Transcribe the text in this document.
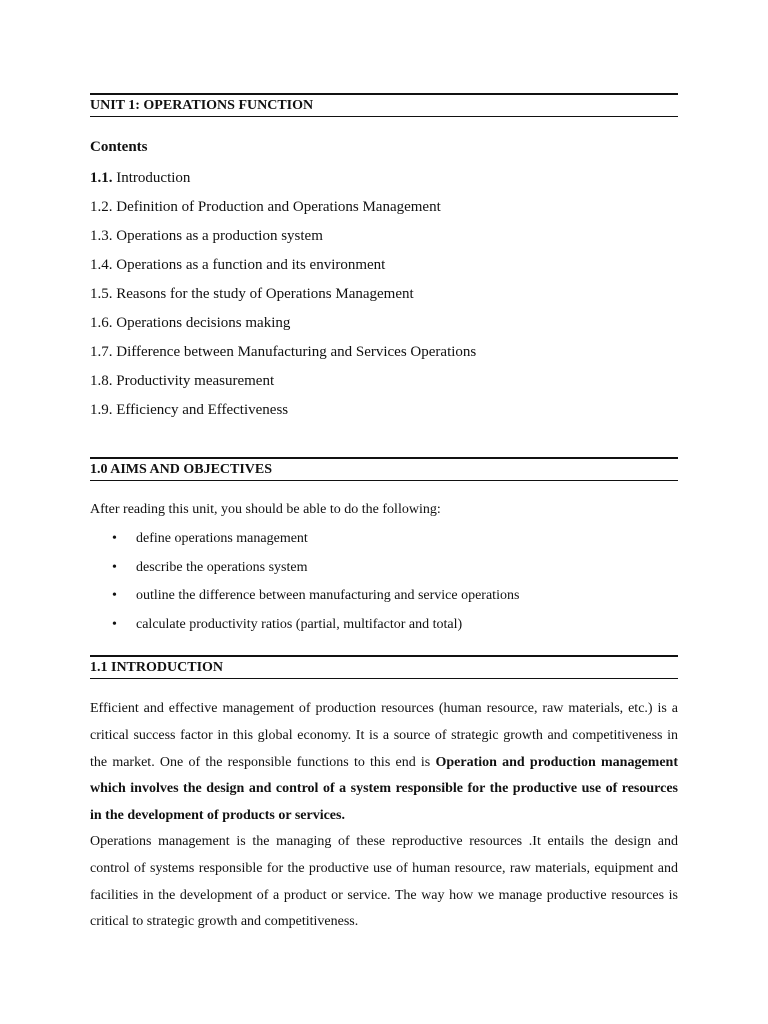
UNIT 1: OPERATIONS FUNCTION
Contents
1.1. Introduction
1.2. Definition of Production and Operations Management
1.3. Operations as a production system
1.4. Operations as a function and its environment
1.5. Reasons for the study of Operations Management
1.6. Operations decisions making
1.7. Difference between Manufacturing and Services Operations
1.8. Productivity measurement
1.9. Efficiency and Effectiveness
1.0 AIMS AND OBJECTIVES
After reading this unit, you should be able to do the following:
• define operations management
• describe the operations system
• outline the difference between manufacturing and service operations
• calculate productivity ratios (partial, multifactor and total)
1.1 INTRODUCTION

Efficient and effective management of production resources (human resource, raw materials, etc.) is a critical success factor in this global economy. It is a source of strategic growth and competitiveness in the market. One of the responsible functions to this end is Operation and production management which involves the design and control of a system responsible for the productive use of resources in the development of products or services.

Operations management is the managing of these reproductive resources .It entails the design and control of systems responsible for the productive use of human resource, raw materials, equipment and facilities in the development of a product or service. The way how we manage productive resources is critical to strategic growth and competitiveness.
